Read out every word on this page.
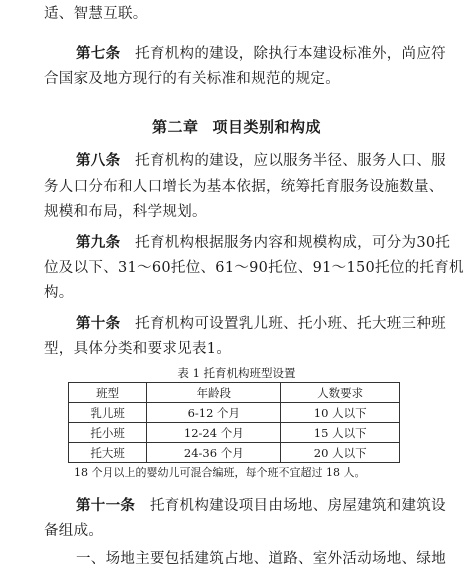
适、智慧互联。
第七条 托育机构的建设，除执行本建设标准外，尚应符
合国家及地方现行的有关标准和规范的规定。
第二章 项目类别和构成
第八条 托育机构的建设，应以服务半径、服务人口、服
务人口分布和人口增长为基本依据，统筹托育服务设施数量、
规模和布局，科学规划。
第九条 托育机构根据服务内容和规模构成，可分为30托
位及以下、31～60托位、61～90托位、91～150托位的托育机
构。
第十条 托育机构可设置乳儿班、托小班、托大班三种班
型，具体分类和要求见表1。
表 1 托育机构班型设置
班型	年龄段	人数要求
乳儿班	6-12 个月	10 人以下
托小班	12-24 个月	15 人以下
托大班	24-36 个月	20 人以下
18 个月以上的婴幼儿可混合编班，每个班不宜超过 18 人。
第十一条 托育机构建设项目由场地、房屋建筑和建筑设
备组成。
一、场地主要包括建筑占地、道路、室外活动场地、绿地
